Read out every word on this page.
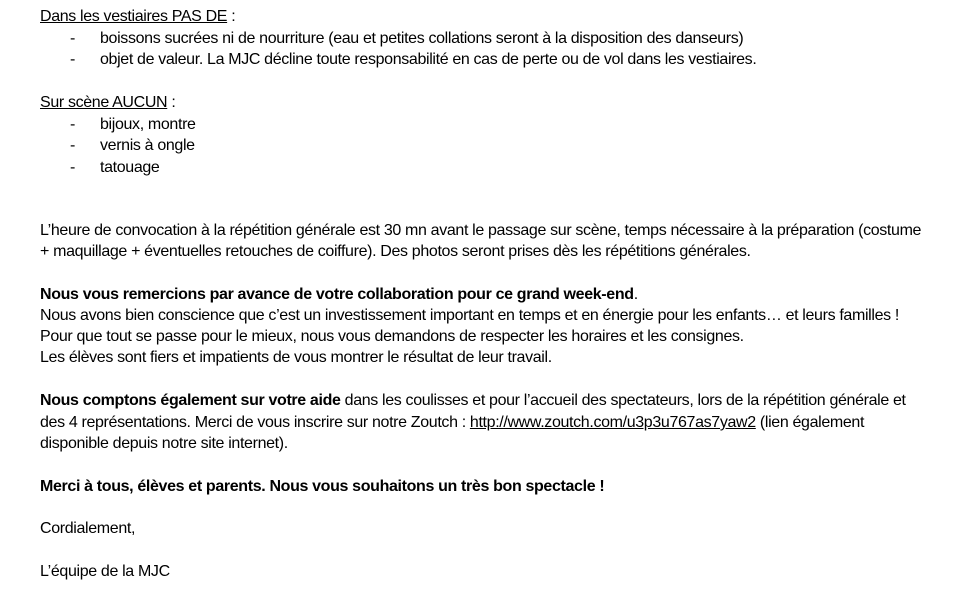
Dans les vestiaires PAS DE :
- boissons sucrées ni de nourriture (eau et petites collations seront à la disposition des danseurs)
- objet de valeur. La MJC décline toute responsabilité en cas de perte ou de vol dans les vestiaires.
Sur scène AUCUN :
- bijoux, montre
- vernis à ongle
- tatouage
L’heure de convocation à la répétition générale est 30 mn avant le passage sur scène, temps nécessaire à la préparation (costume
+ maquillage + éventuelles retouches de coiffure). Des photos seront prises dès les répétitions générales.
Nous vous remercions par avance de votre collaboration pour ce grand week-end.
Nous avons bien conscience que c’est un investissement important en temps et en énergie pour les enfants… et leurs familles !
Pour que tout se passe pour le mieux, nous vous demandons de respecter les horaires et les consignes.
Les élèves sont fiers et impatients de vous montrer le résultat de leur travail.
Nous comptons également sur votre aide dans les coulisses et pour l’accueil des spectateurs, lors de la répétition générale et
des 4 représentations. Merci de vous inscrire sur notre Zoutch : http://www.zoutch.com/u3p3u767as7yaw2 (lien également
disponible depuis notre site internet).
Merci à tous, élèves et parents. Nous vous souhaitons un très bon spectacle !
Cordialement,
L’équipe de la MJC
